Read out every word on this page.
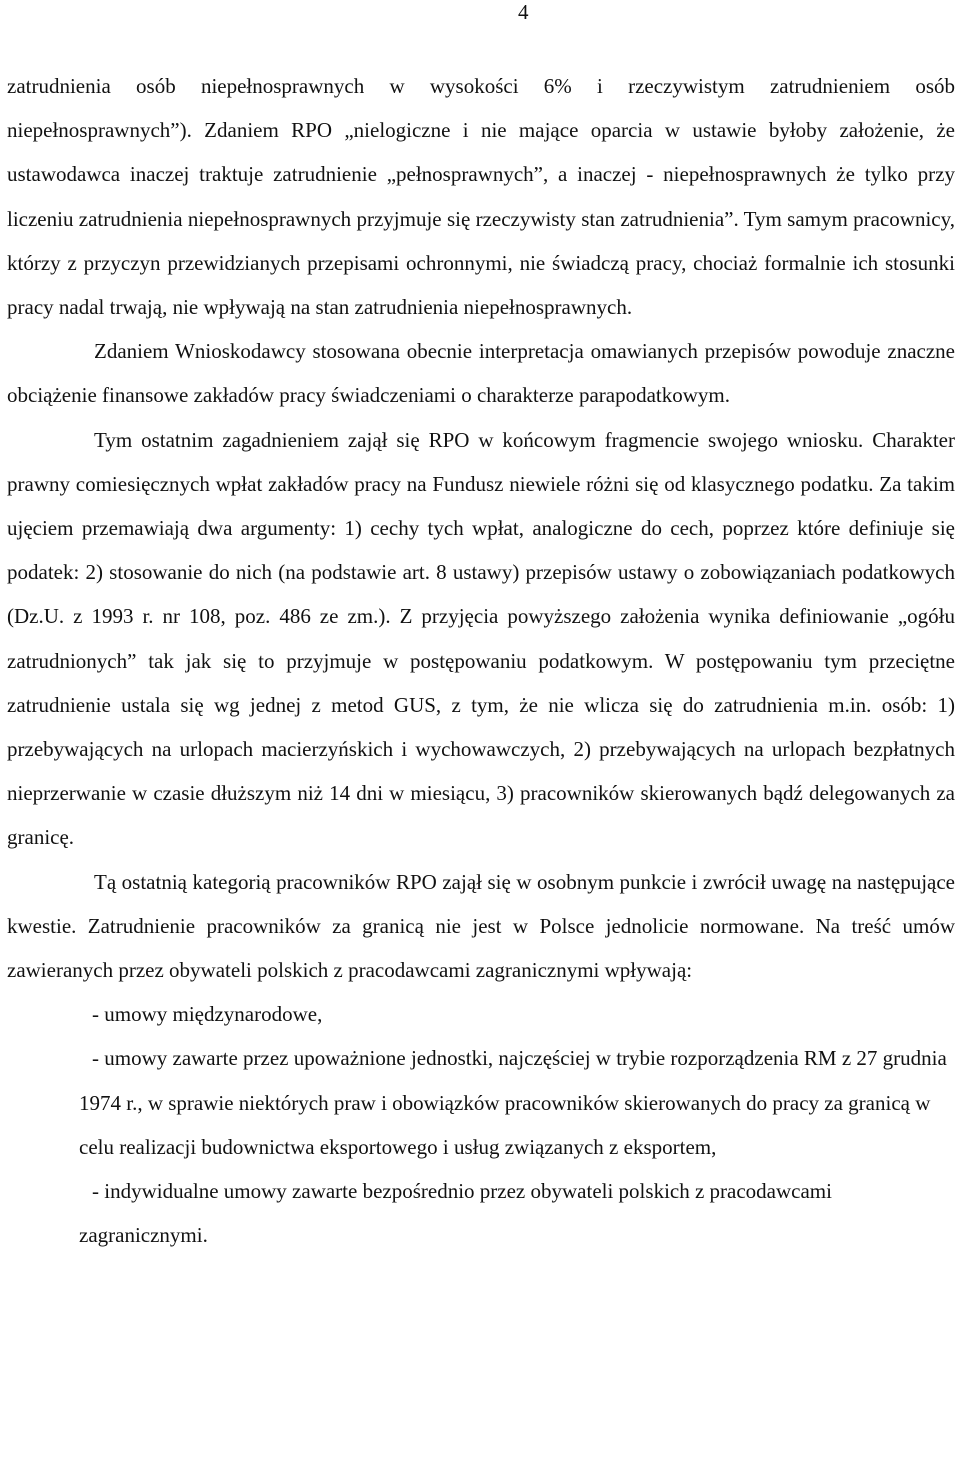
4

zatrudnienia osób niepełnosprawnych w wysokości 6% i rzeczywistym zatrudnieniem osób niepełnosprawnych”). Zdaniem RPO „nielogiczne i nie mające oparcia w ustawie byłoby założenie, że ustawodawca inaczej traktuje zatrudnienie „pełnosprawnych”, a inaczej - niepełnosprawnych że tylko przy liczeniu zatrudnienia niepełnosprawnych przyjmuje się rzeczywisty stan zatrudnienia”. Tym samym pracownicy, którzy z przyczyn przewidzianych przepisami ochronnymi, nie świadczą pracy, chociaż formalnie ich stosunki pracy nadal trwają, nie wpływają na stan zatrudnienia niepełnosprawnych.

Zdaniem Wnioskodawcy stosowana obecnie interpretacja omawianych przepisów powoduje znaczne obciążenie finansowe zakładów pracy świadczeniami o charakterze parapodatkowym.

Tym ostatnim zagadnieniem zajął się RPO w końcowym fragmencie swojego wniosku. Charakter prawny comiesięcznych wpłat zakładów pracy na Fundusz niewiele różni się od klasycznego podatku. Za takim ujęciem przemawiają dwa argumenty: 1) cechy tych wpłat, analogiczne do cech, poprzez które definiuje się podatek: 2) stosowanie do nich (na podstawie art. 8 ustawy) przepisów ustawy o zobowiązaniach podatkowych (Dz.U. z 1993 r. nr 108, poz. 486 ze zm.). Z przyjęcia powyższego założenia wynika definiowanie „ogółu zatrudnionych” tak jak się to przyjmuje w postępowaniu podatkowym. W postępowaniu tym przeciętne zatrudnienie ustala się wg jednej z metod GUS, z tym, że nie wlicza się do zatrudnienia m.in. osób: 1) przebywających na urlopach macierzyńskich i wychowawczych, 2) przebywających na urlopach bezpłatnych nieprzerwanie w czasie dłuższym niż 14 dni w miesiącu, 3) pracowników skierowanych bądź delegowanych za granicę.

Tą ostatnią kategorią pracowników RPO zajął się w osobnym punkcie i zwrócił uwagę na następujące kwestie. Zatrudnienie pracowników za granicą nie jest w Polsce jednolicie normowane. Na treść umów zawieranych przez obywateli polskich z pracodawcami zagranicznymi wpływają:

- umowy międzynarodowe,
- umowy zawarte przez upoważnione jednostki, najczęściej w trybie rozporządzenia RM z 27 grudnia 1974 r., w sprawie niektórych praw i obowiązków pracowników skierowanych do pracy za granicą w celu realizacji budownictwa eksportowego i usług związanych z eksportem,
- indywidualne umowy zawarte bezpośrednio przez obywateli polskich z pracodawcami zagranicznymi.
